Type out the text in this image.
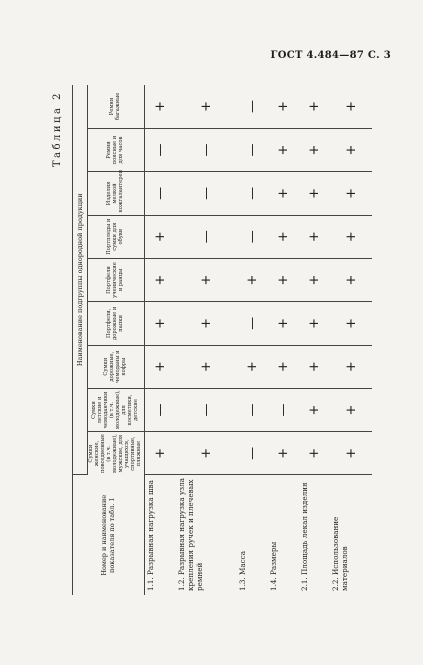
ГОСТ 4.484—87 С. 3
Таблица 2
Номер и наименование показателя по табл. 1	Наименование подгруппы однородной продукции								
	Сумки женские, повседневные (в т.ч. молодежные), мужские, для учащихся, спортивные, пляжные	Сумки летские и чемоданчики (в т.ч. молодежные), для косметики, детские	Сумки дорожные, чемоданы и кофры	Портфели, дорожные и папки	Портфели ученические и ранцы	Портпледы и сумки для обуви	Изделия мелкой кожгалантереи	Ремни поясные и для часов	Ремни багажные
1.1. Разрывная нагрузка шва	+	—	+	+	+	+	—	—	+
1.2. Разрывная нагрузка узла крепления ручек и плечевых ремней	+	—	+	+	+	—	—	—	+
1.3. Масса	—	—	+	—	+	—	—	—	—
1.4. Размеры	+	—	+	+	+	+	+	+	+
2.1. Площадь лекал изделия	+	+	+	+	+	+	+	+	+
2.2. Использование материалов	+	+	+	+	+	+	+	+	+
